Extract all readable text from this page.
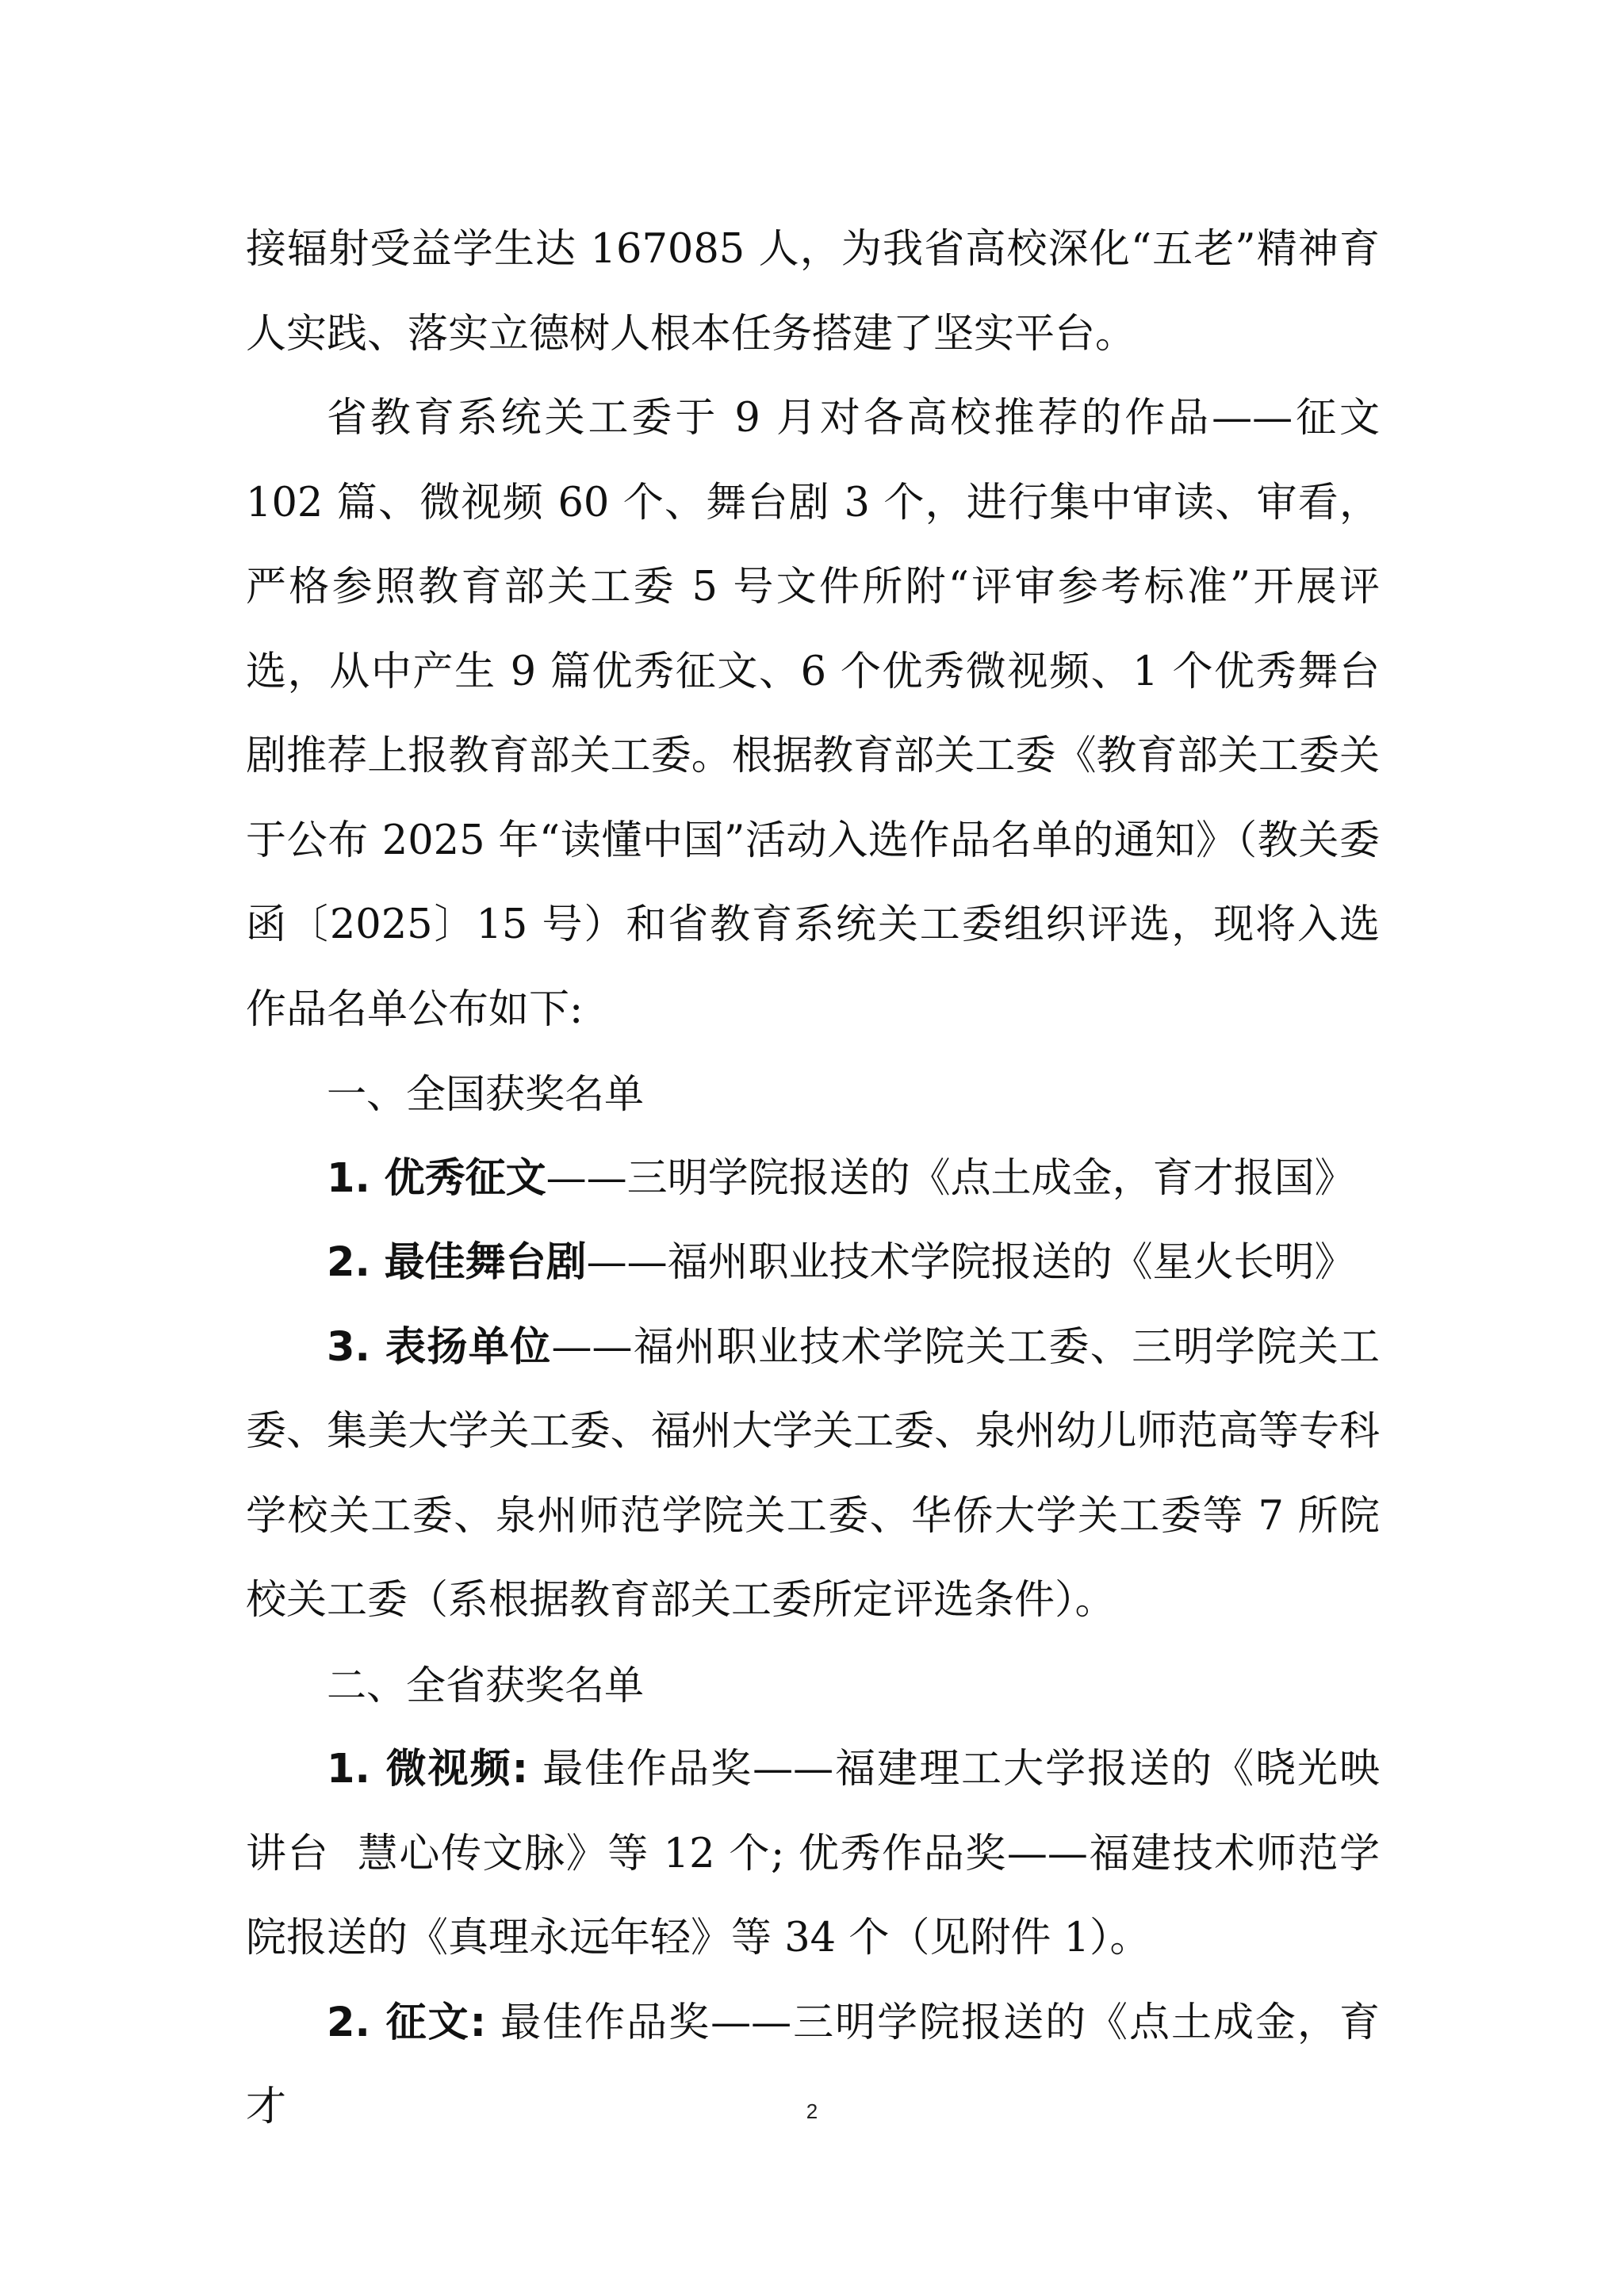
接辐射受益学生达 167085 人，为我省高校深化“五老”精神育人实践、落实立德树人根本任务搭建了坚实平台。

省教育系统关工委于 9 月对各高校推荐的作品——征文 102 篇、微视频 60 个、舞台剧 3 个，进行集中审读、审看，严格参照教育部关工委 5 号文件所附“评审参考标准”开展评选，从中产生 9 篇优秀征文、6 个优秀微视频、1 个优秀舞台剧推荐上报教育部关工委。根据教育部关工委《教育部关工委关于公布 2025 年“读懂中国”活动入选作品名单的通知》（教关委函〔2025〕15 号）和省教育系统关工委组织评选，现将入选作品名单公布如下:

一、全国获奖名单

1. 优秀征文——三明学院报送的《点土成金，育才报国》

2. 最佳舞台剧——福州职业技术学院报送的《星火长明》

3. 表扬单位——福州职业技术学院关工委、三明学院关工委、集美大学关工委、福州大学关工委、泉州幼儿师范高等专科学校关工委、泉州师范学院关工委、华侨大学关工委等 7 所院校关工委（系根据教育部关工委所定评选条件）。

二、全省获奖名单

1. 微视频: 最佳作品奖——福建理工大学报送的《晓光映讲台  慧心传文脉》等 12 个; 优秀作品奖——福建技术师范学院报送的《真理永远年轻》等 34 个（见附件 1）。

2. 征文: 最佳作品奖——三明学院报送的《点土成金，育才	2
